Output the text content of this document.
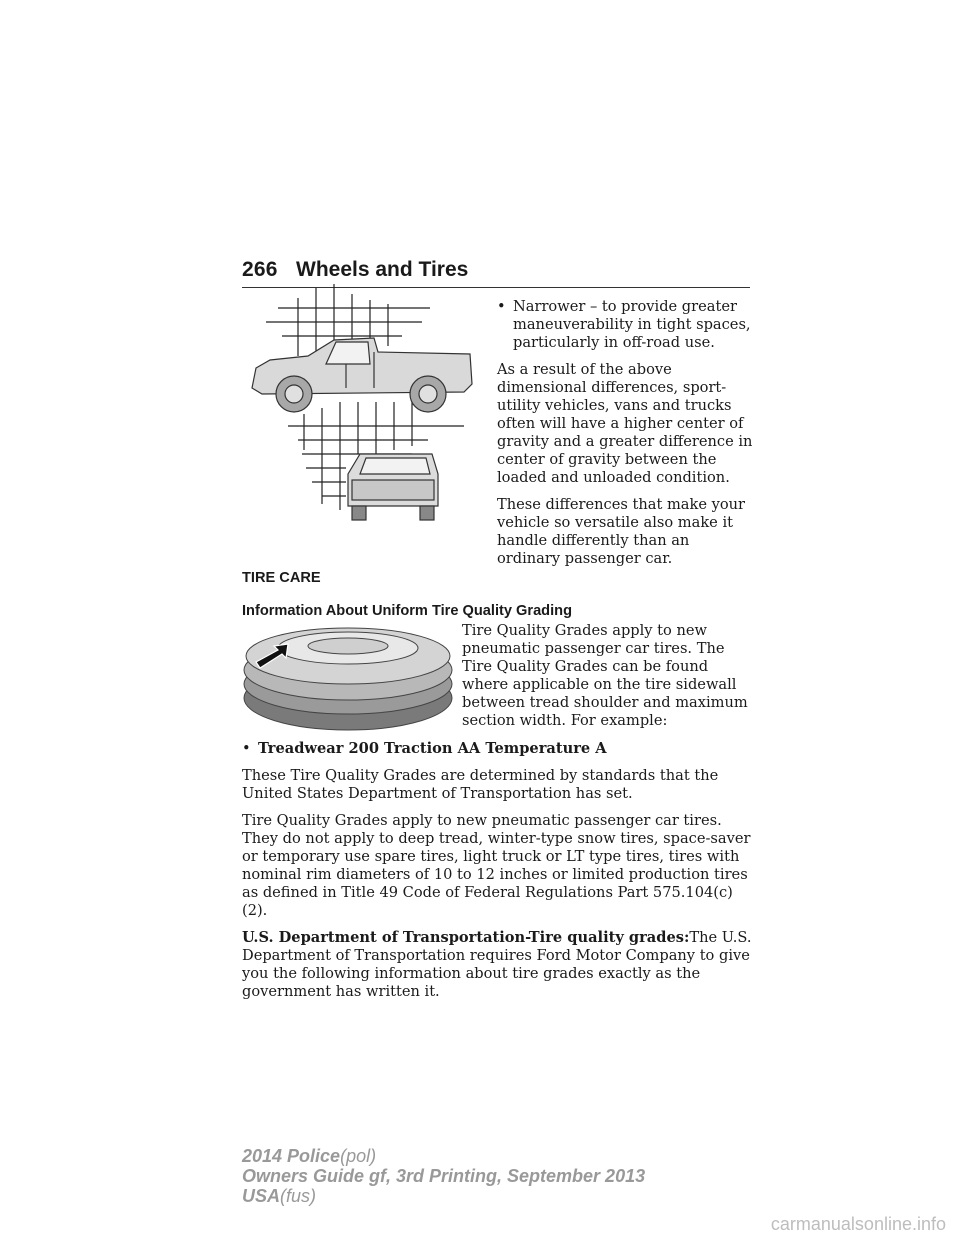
266 Wheels and Tires
• Narrower – to provide greater maneuverability in tight spaces, particularly in off-road use.

As a result of the above dimensional differences, sport-utility vehicles, vans and trucks often will have a higher center of gravity and a greater difference in center of gravity between the loaded and unloaded condition.

These differences that make your vehicle so versatile also make it handle differently than an ordinary passenger car.

TIRE CARE
Information About Uniform Tire Quality Grading
Tire Quality Grades apply to new pneumatic passenger car tires. The Tire Quality Grades can be found where applicable on the tire sidewall between tread shoulder and maximum section width. For example:
• Treadwear 200 Traction AA Temperature A

These Tire Quality Grades are determined by standards that the United States Department of Transportation has set.

Tire Quality Grades apply to new pneumatic passenger car tires. They do not apply to deep tread, winter-type snow tires, space-saver or temporary use spare tires, light truck or LT type tires, tires with nominal rim diameters of 10 to 12 inches or limited production tires as defined in Title 49 Code of Federal Regulations Part 575.104(c)(2).

U.S. Department of Transportation-Tire quality grades:The U.S. Department of Transportation requires Ford Motor Company to give you the following information about tire grades exactly as the government has written it.

2014 Police(pol)
Owners Guide gf, 3rd Printing, September 2013
USA(fus)
carmanualsonline.info
